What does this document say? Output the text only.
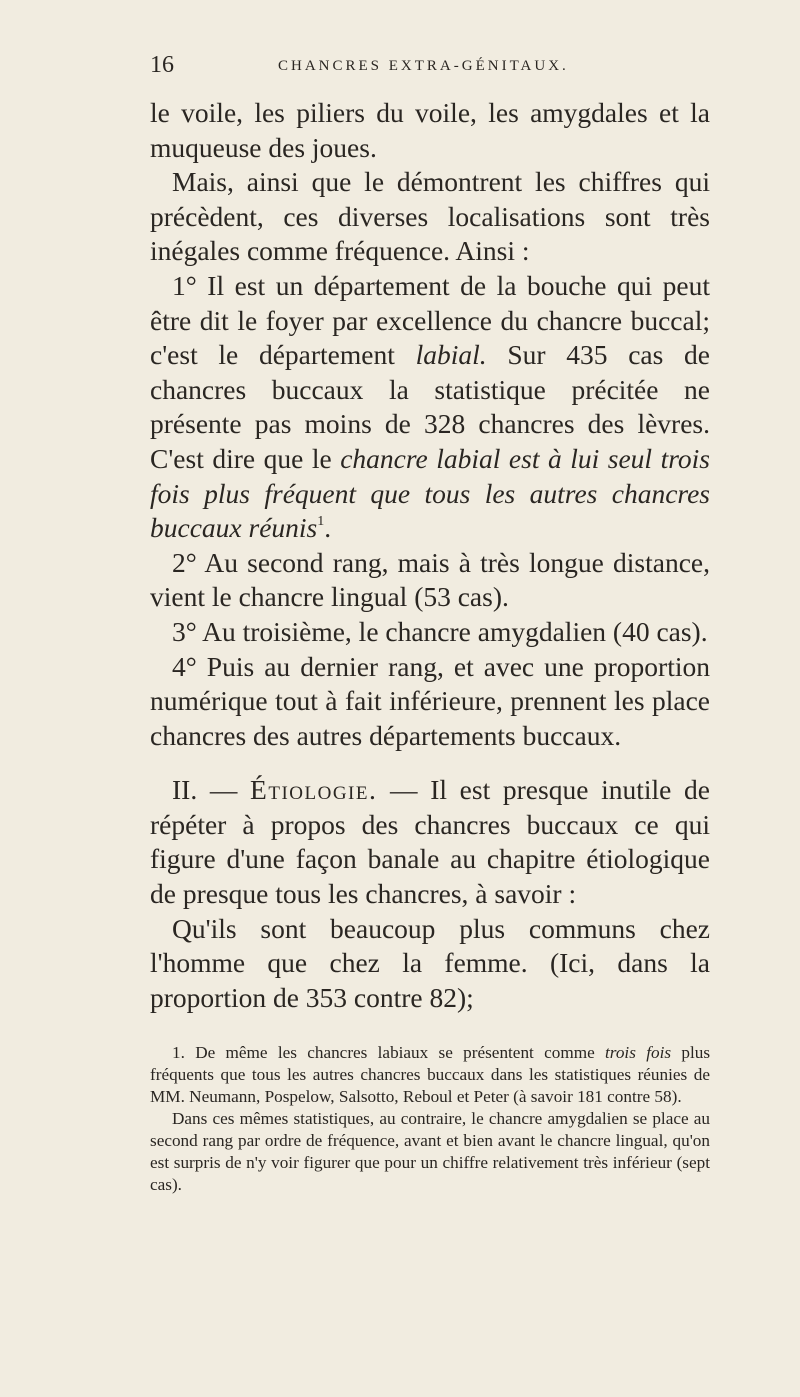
16	CHANCRES EXTRA-GÉNITAUX.

le voile, les piliers du voile, les amygdales et la muqueuse des joues.

Mais, ainsi que le démontrent les chiffres qui précèdent, ces diverses localisations sont très inégales comme fréquence. Ainsi :

1° Il est un département de la bouche qui peut être dit le foyer par excellence du chancre buccal; c'est le département labial. Sur 435 cas de chancres buccaux la statistique précitée ne présente pas moins de 328 chancres des lèvres. C'est dire que le chancre labial est à lui seul trois fois plus fréquent que tous les autres chancres buccaux réunis$^1$.

2° Au second rang, mais à très longue distance, vient le chancre lingual (53 cas).

3° Au troisième, le chancre amygdalien (40 cas).

4° Puis au dernier rang, et avec une proportion numérique tout à fait inférieure, prennent les place chancres des autres départements buccaux.

II. — Étiologie. — Il est presque inutile de répéter à propos des chancres buccaux ce qui figure d'une façon banale au chapitre étiologique de presque tous les chancres, à savoir :

Qu'ils sont beaucoup plus communs chez l'homme que chez la femme. (Ici, dans la proportion de 353 contre 82);

1. De même les chancres labiaux se présentent comme trois fois plus fréquents que tous les autres chancres buccaux dans les statistiques réunies de MM. Neumann, Pospelow, Salsotto, Reboul et Peter (à savoir 181 contre 58).

Dans ces mêmes statistiques, au contraire, le chancre amygdalien se place au second rang par ordre de fréquence, avant et bien avant le chancre lingual, qu'on est surpris de n'y voir figurer que pour un chiffre relativement très inférieur (sept cas).
